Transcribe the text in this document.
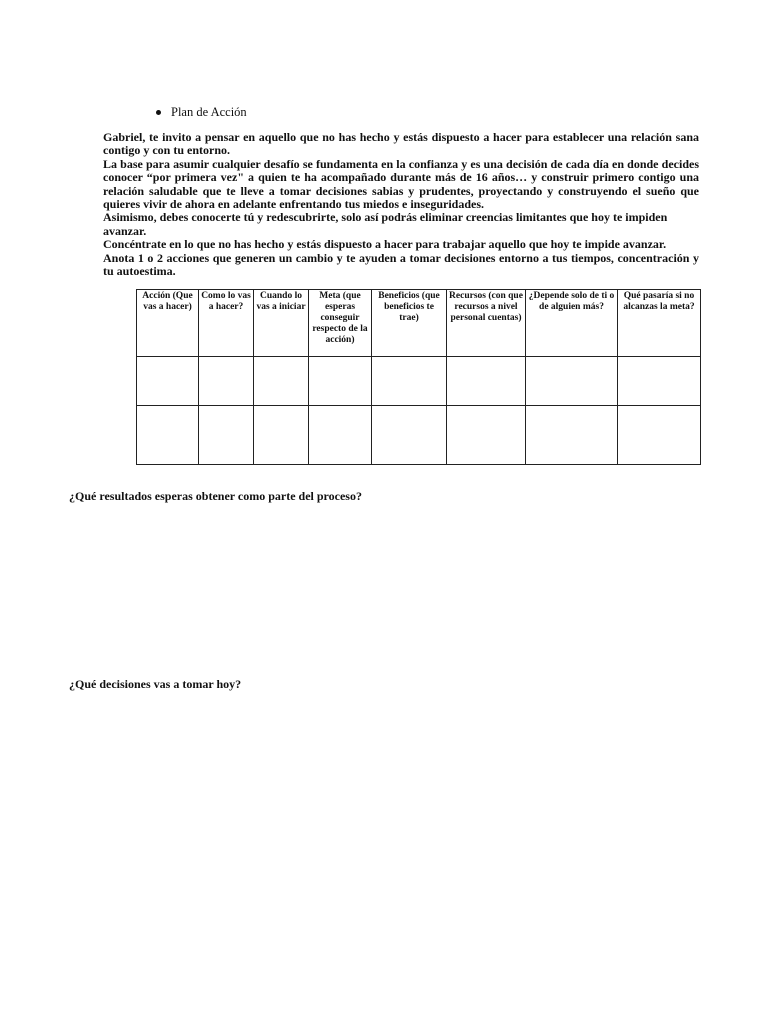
Plan de Acción

Gabriel, te invito a pensar en aquello que no has hecho y estás dispuesto a hacer para establecer una relación sana contigo y con tu entorno.

La base para asumir cualquier desafío se fundamenta en la confianza y es una decisión de cada día en donde decides conocer “por primera vez" a quien te ha acompañado durante más de 16 años… y construir primero contigo una relación saludable que te lleve a tomar decisiones sabias y prudentes, proyectando y construyendo el sueño que quieres vivir de ahora en adelante enfrentando tus miedos e inseguridades.

Asimismo, debes conocerte tú y redescubrirte, solo así podrás eliminar creencias limitantes que hoy te impiden avanzar.

Concéntrate en lo que no has hecho y estás dispuesto a hacer para trabajar aquello que hoy te impide avanzar.

Anota 1 o 2 acciones que generen un cambio y te ayuden a tomar decisiones entorno a tus tiempos, concentración y tu autoestima.

Acción (Que vas a hacer)	Como lo vas a hacer?	Cuando lo vas a iniciar	Meta (que esperas conseguir respecto de la acción)	Beneficios (que beneficios te trae)	Recursos (con que recursos a nivel personal cuentas)	¿Depende solo de ti o de alguien más?	Qué pasaría si no alcanzas la meta?

¿Qué resultados esperas obtener como parte del proceso?
¿Qué decisiones vas a tomar hoy?
